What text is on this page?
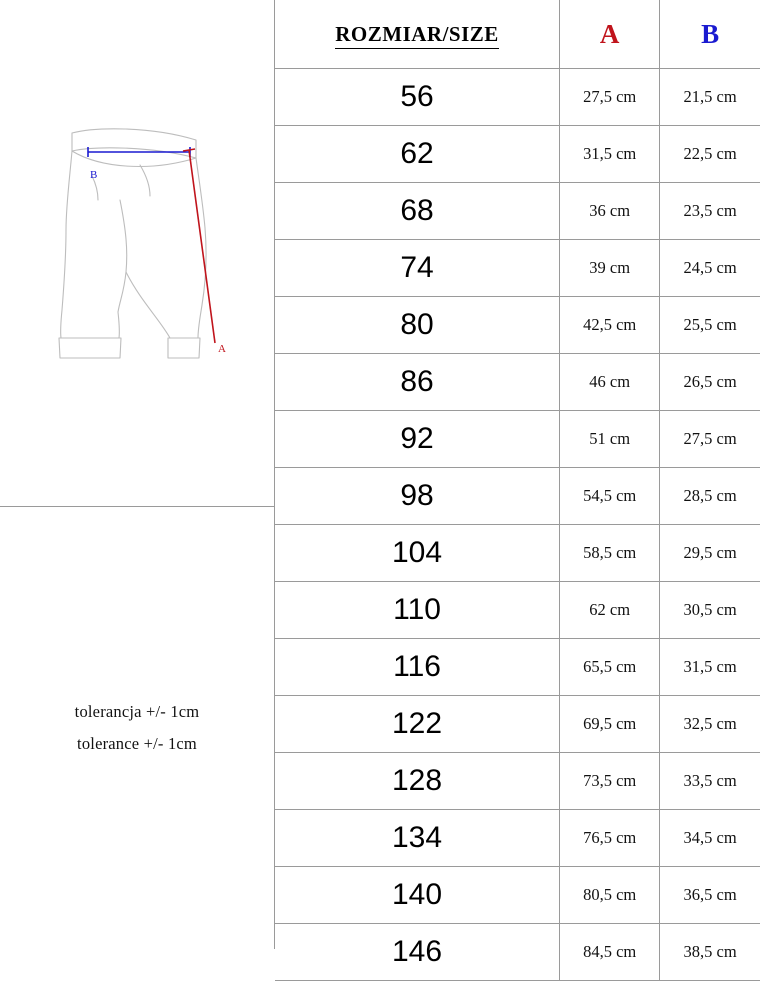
B
A
tolerancja +/- 1cm
tolerance +/- 1cm
ROZMIAR/SIZE	A	B
56	27,5 cm	21,5 cm
62	31,5 cm	22,5 cm
68	36 cm	23,5 cm
74	39 cm	24,5 cm
80	42,5 cm	25,5 cm
86	46 cm	26,5 cm
92	51 cm	27,5 cm
98	54,5 cm	28,5 cm
104	58,5 cm	29,5 cm
110	62 cm	30,5 cm
116	65,5 cm	31,5 cm
122	69,5 cm	32,5 cm
128	73,5 cm	33,5 cm
134	76,5 cm	34,5 cm
140	80,5 cm	36,5 cm
146	84,5 cm	38,5 cm
